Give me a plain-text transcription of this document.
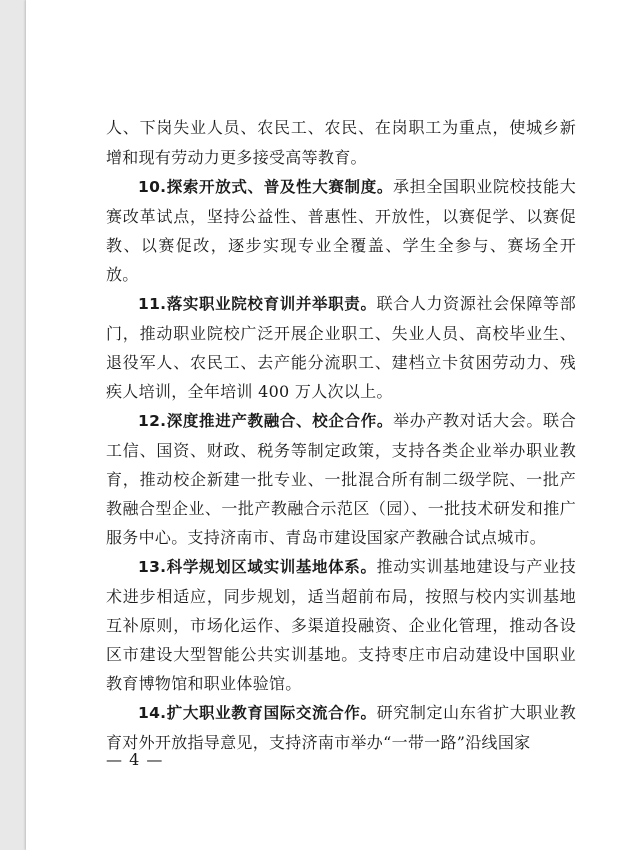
人、下岗失业人员、农民工、农民、在岗职工为重点，使城乡新增和现有劳动力更多接受高等教育。

10.探索开放式、普及性大赛制度。承担全国职业院校技能大赛改革试点，坚持公益性、普惠性、开放性，以赛促学、以赛促教、以赛促改，逐步实现专业全覆盖、学生全参与、赛场全开放。

11.落实职业院校育训并举职责。联合人力资源社会保障等部门，推动职业院校广泛开展企业职工、失业人员、高校毕业生、退役军人、农民工、去产能分流职工、建档立卡贫困劳动力、残疾人培训，全年培训 400 万人次以上。

12.深度推进产教融合、校企合作。举办产教对话大会。联合工信、国资、财政、税务等制定政策，支持各类企业举办职业教育，推动校企新建一批专业、一批混合所有制二级学院、一批产教融合型企业、一批产教融合示范区（园）、一批技术研发和推广服务中心。支持济南市、青岛市建设国家产教融合试点城市。

13.科学规划区域实训基地体系。推动实训基地建设与产业技术进步相适应，同步规划，适当超前布局，按照与校内实训基地互补原则，市场化运作、多渠道投融资、企业化管理，推动各设区市建设大型智能公共实训基地。支持枣庄市启动建设中国职业教育博物馆和职业体验馆。

14.扩大职业教育国际交流合作。研究制定山东省扩大职业教育对外开放指导意见，支持济南市举办“一带一路”沿线国家

— 4 —
